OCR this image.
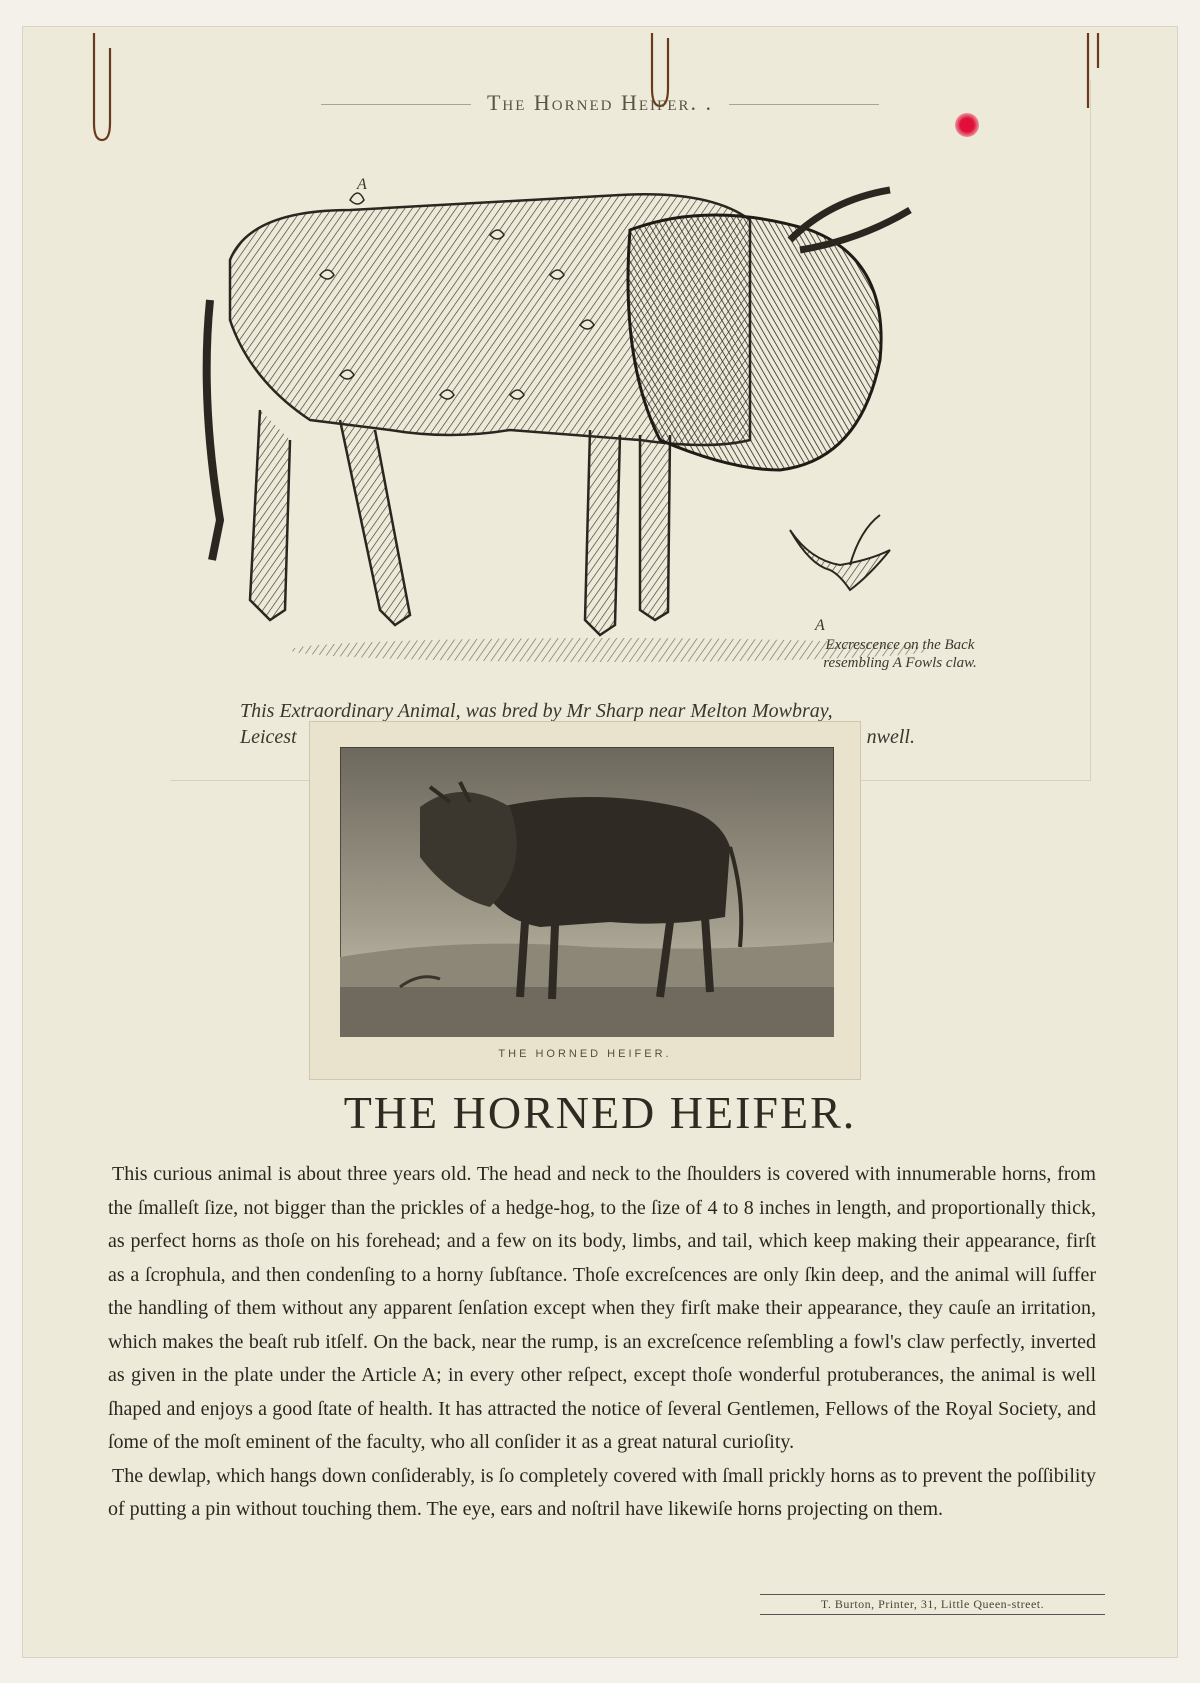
The Horned Heifer. .
A
A
Excrescence on the Back
resembling A Fowls claw.
This Extraordinary Animal, was bred by Mr Sharp near Melton Mowbray,
Leicest	nwell.
THE HORNED HEIFER.
THE HORNED HEIFER.

This curious animal is about three years old. The head and neck to the ſhoulders is covered with innumerable horns, from the ſmalleſt ſize, not bigger than the prickles of a hedge-hog, to the ſize of 4 to 8 inches in length, and proportionally thick, as perfect horns as thoſe on his forehead; and a few on its body, limbs, and tail, which keep making their appearance, firſt as a ſcrophula, and then condenſing to a horny ſubſtance. Thoſe excreſcences are only ſkin deep, and the animal will ſuffer the handling of them without any apparent ſenſation except when they firſt make their appearance, they cauſe an irritation, which makes the beaſt rub itſelf. On the back, near the rump, is an excreſcence reſembling a fowl's claw perfectly, inverted as given in the plate under the Article A; in every other reſpect, except thoſe wonderful protuberances, the animal is well ſhaped and enjoys a good ſtate of health. It has attracted the notice of ſeveral Gentlemen, Fellows of the Royal Society, and ſome of the moſt eminent of the faculty, who all conſider it as a great natural curioſity.

The dewlap, which hangs down conſiderably, is ſo completely covered with ſmall prickly horns as to prevent the poſſibility of putting a pin without touching them. The eye, ears and noſtril have likewiſe horns projecting on them.

T. Burton, Printer, 31, Little Queen-street.
